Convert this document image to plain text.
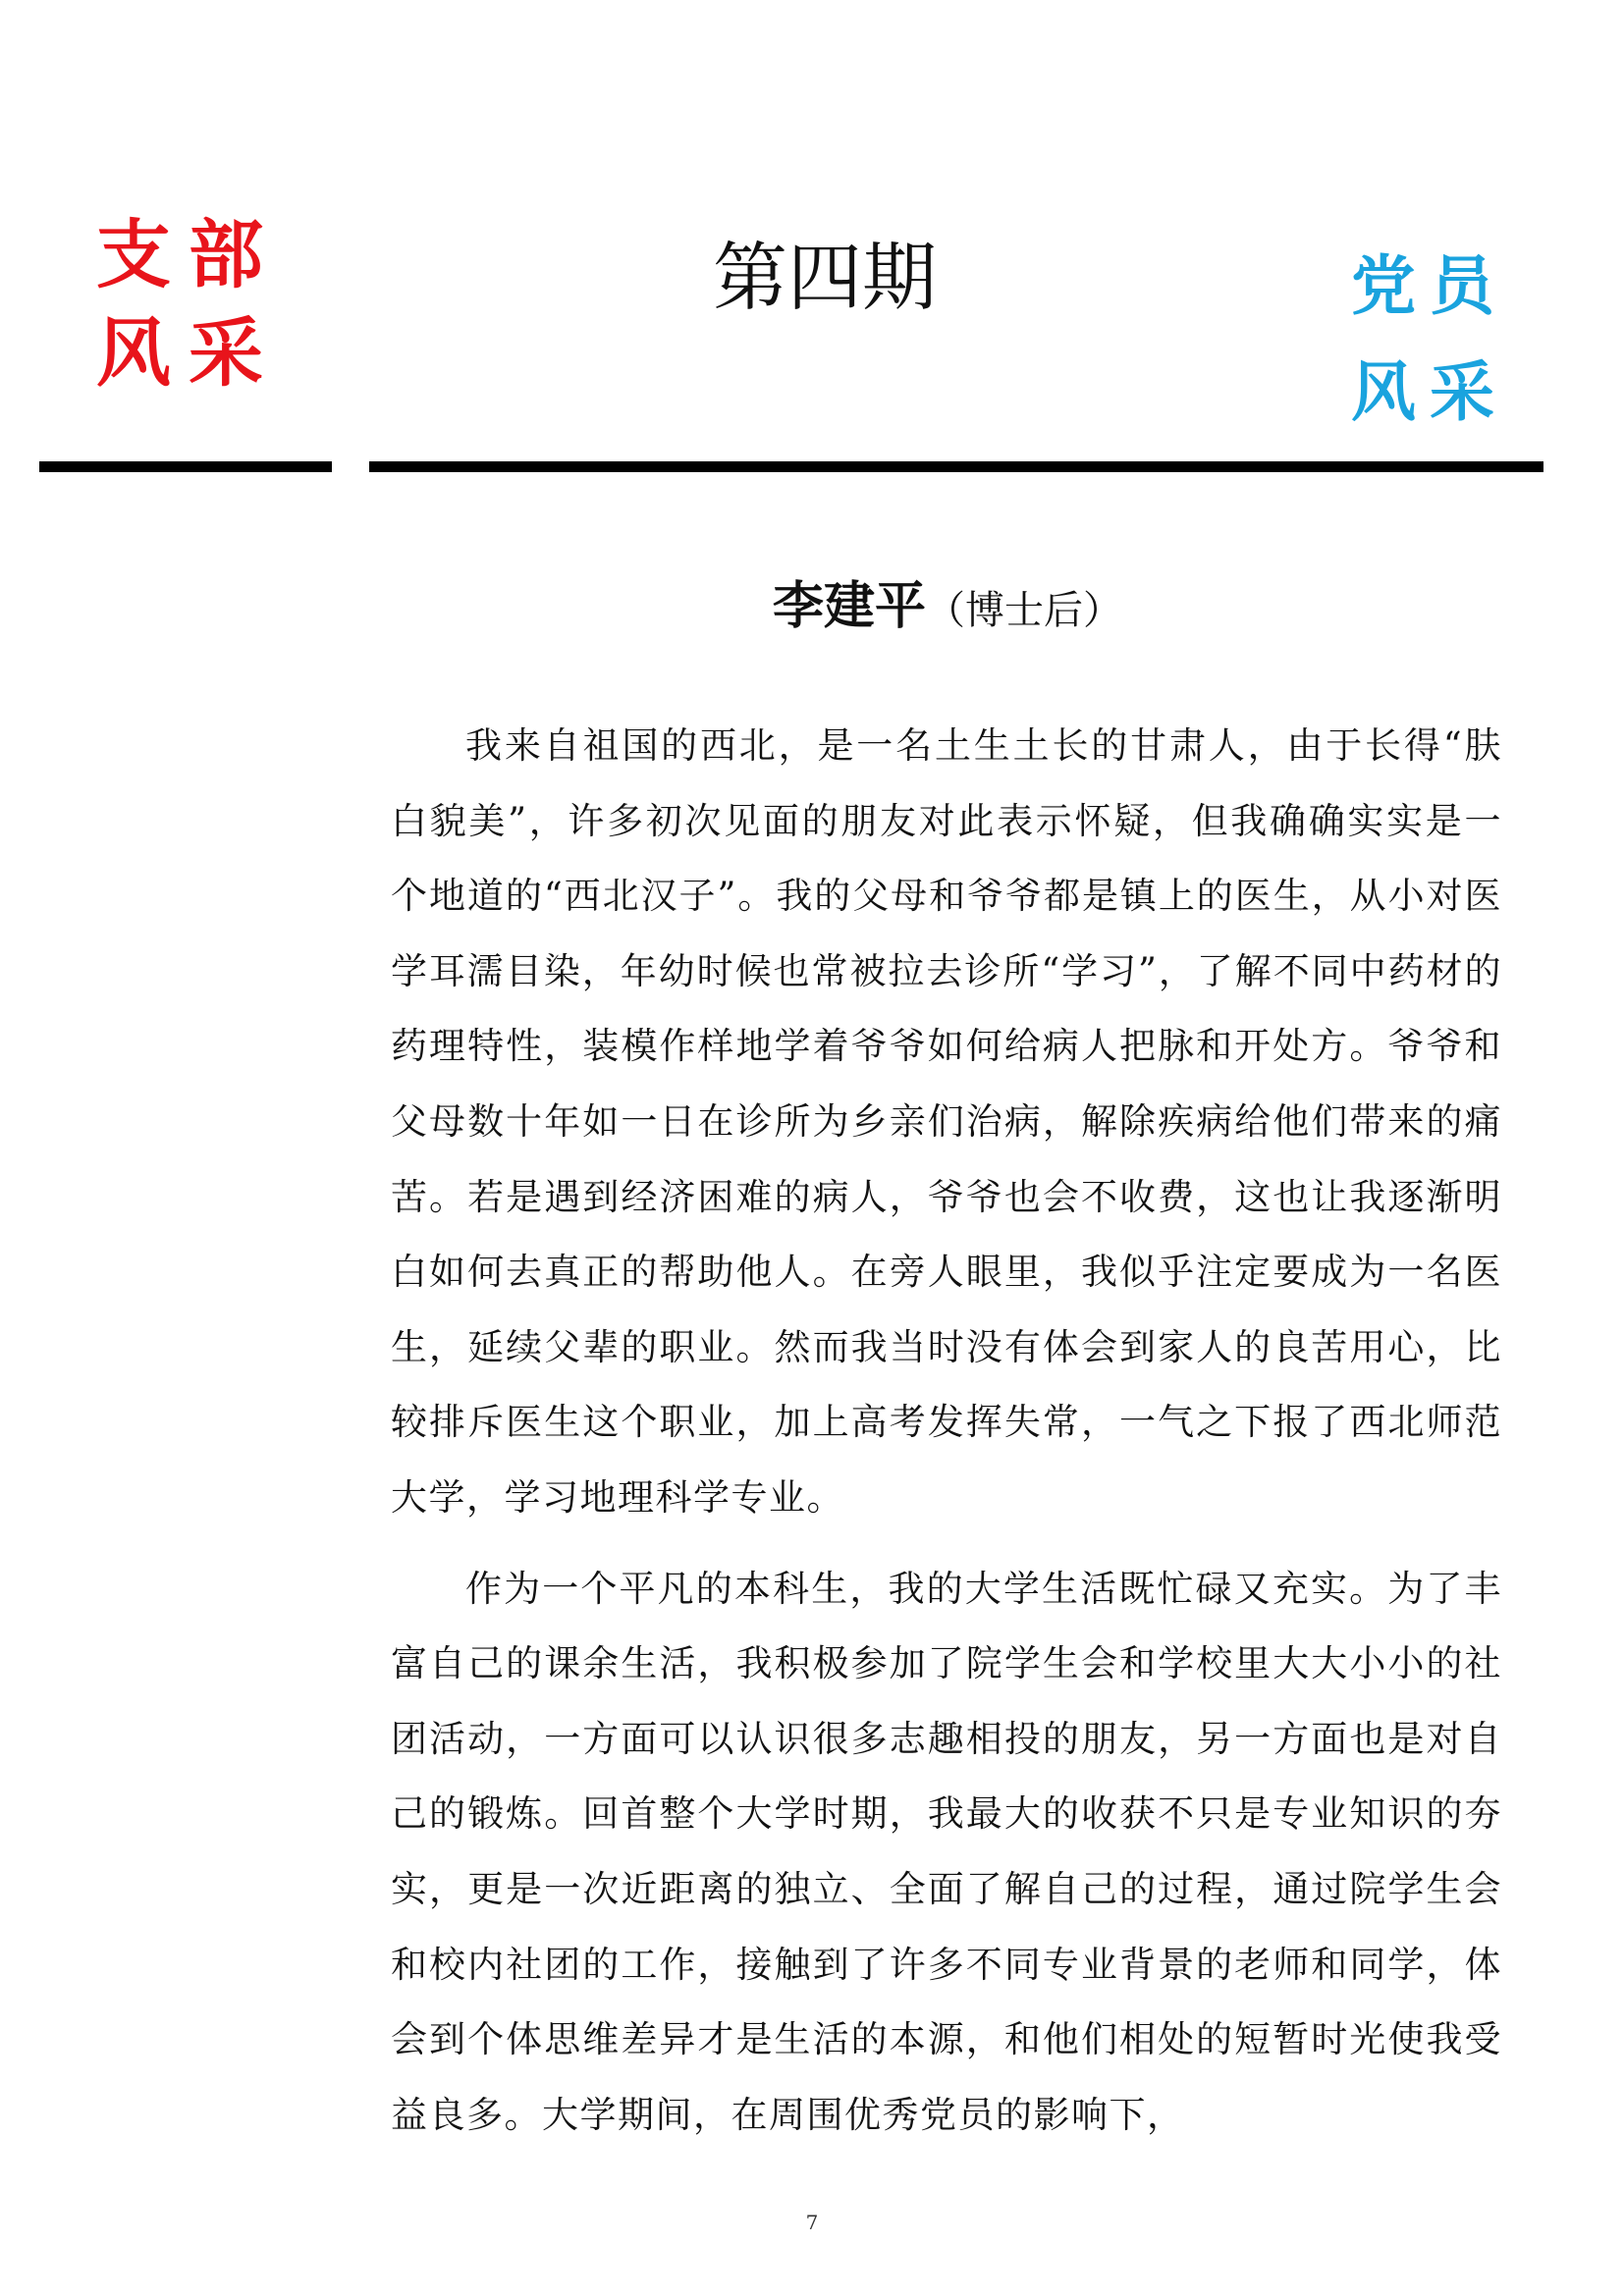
支部
风采
第四期	党员
风采
李建平（博士后）

我来自祖国的西北，是一名土生土长的甘肃人，由于长得“肤白貌美”，许多初次见面的朋友对此表示怀疑，但我确确实实是一个地道的“西北汉子”。我的父母和爷爷都是镇上的医生，从小对医学耳濡目染，年幼时候也常被拉去诊所“学习”，了解不同中药材的药理特性，装模作样地学着爷爷如何给病人把脉和开处方。爷爷和父母数十年如一日在诊所为乡亲们治病，解除疾病给他们带来的痛苦。若是遇到经济困难的病人，爷爷也会不收费，这也让我逐渐明白如何去真正的帮助他人。在旁人眼里，我似乎注定要成为一名医生，延续父辈的职业。然而我当时没有体会到家人的良苦用心，比较排斥医生这个职业，加上高考发挥失常，一气之下报了西北师范大学，学习地理科学专业。

作为一个平凡的本科生，我的大学生活既忙碌又充实。为了丰富自己的课余生活，我积极参加了院学生会和学校里大大小小的社团活动，一方面可以认识很多志趣相投的朋友，另一方面也是对自己的锻炼。回首整个大学时期，我最大的收获不只是专业知识的夯实，更是一次近距离的独立、全面了解自己的过程，通过院学生会和校内社团的工作，接触到了许多不同专业背景的老师和同学，体会到个体思维差异才是生活的本源，和他们相处的短暂时光使我受益良多。大学期间，在周围优秀党员的影响下，

7
